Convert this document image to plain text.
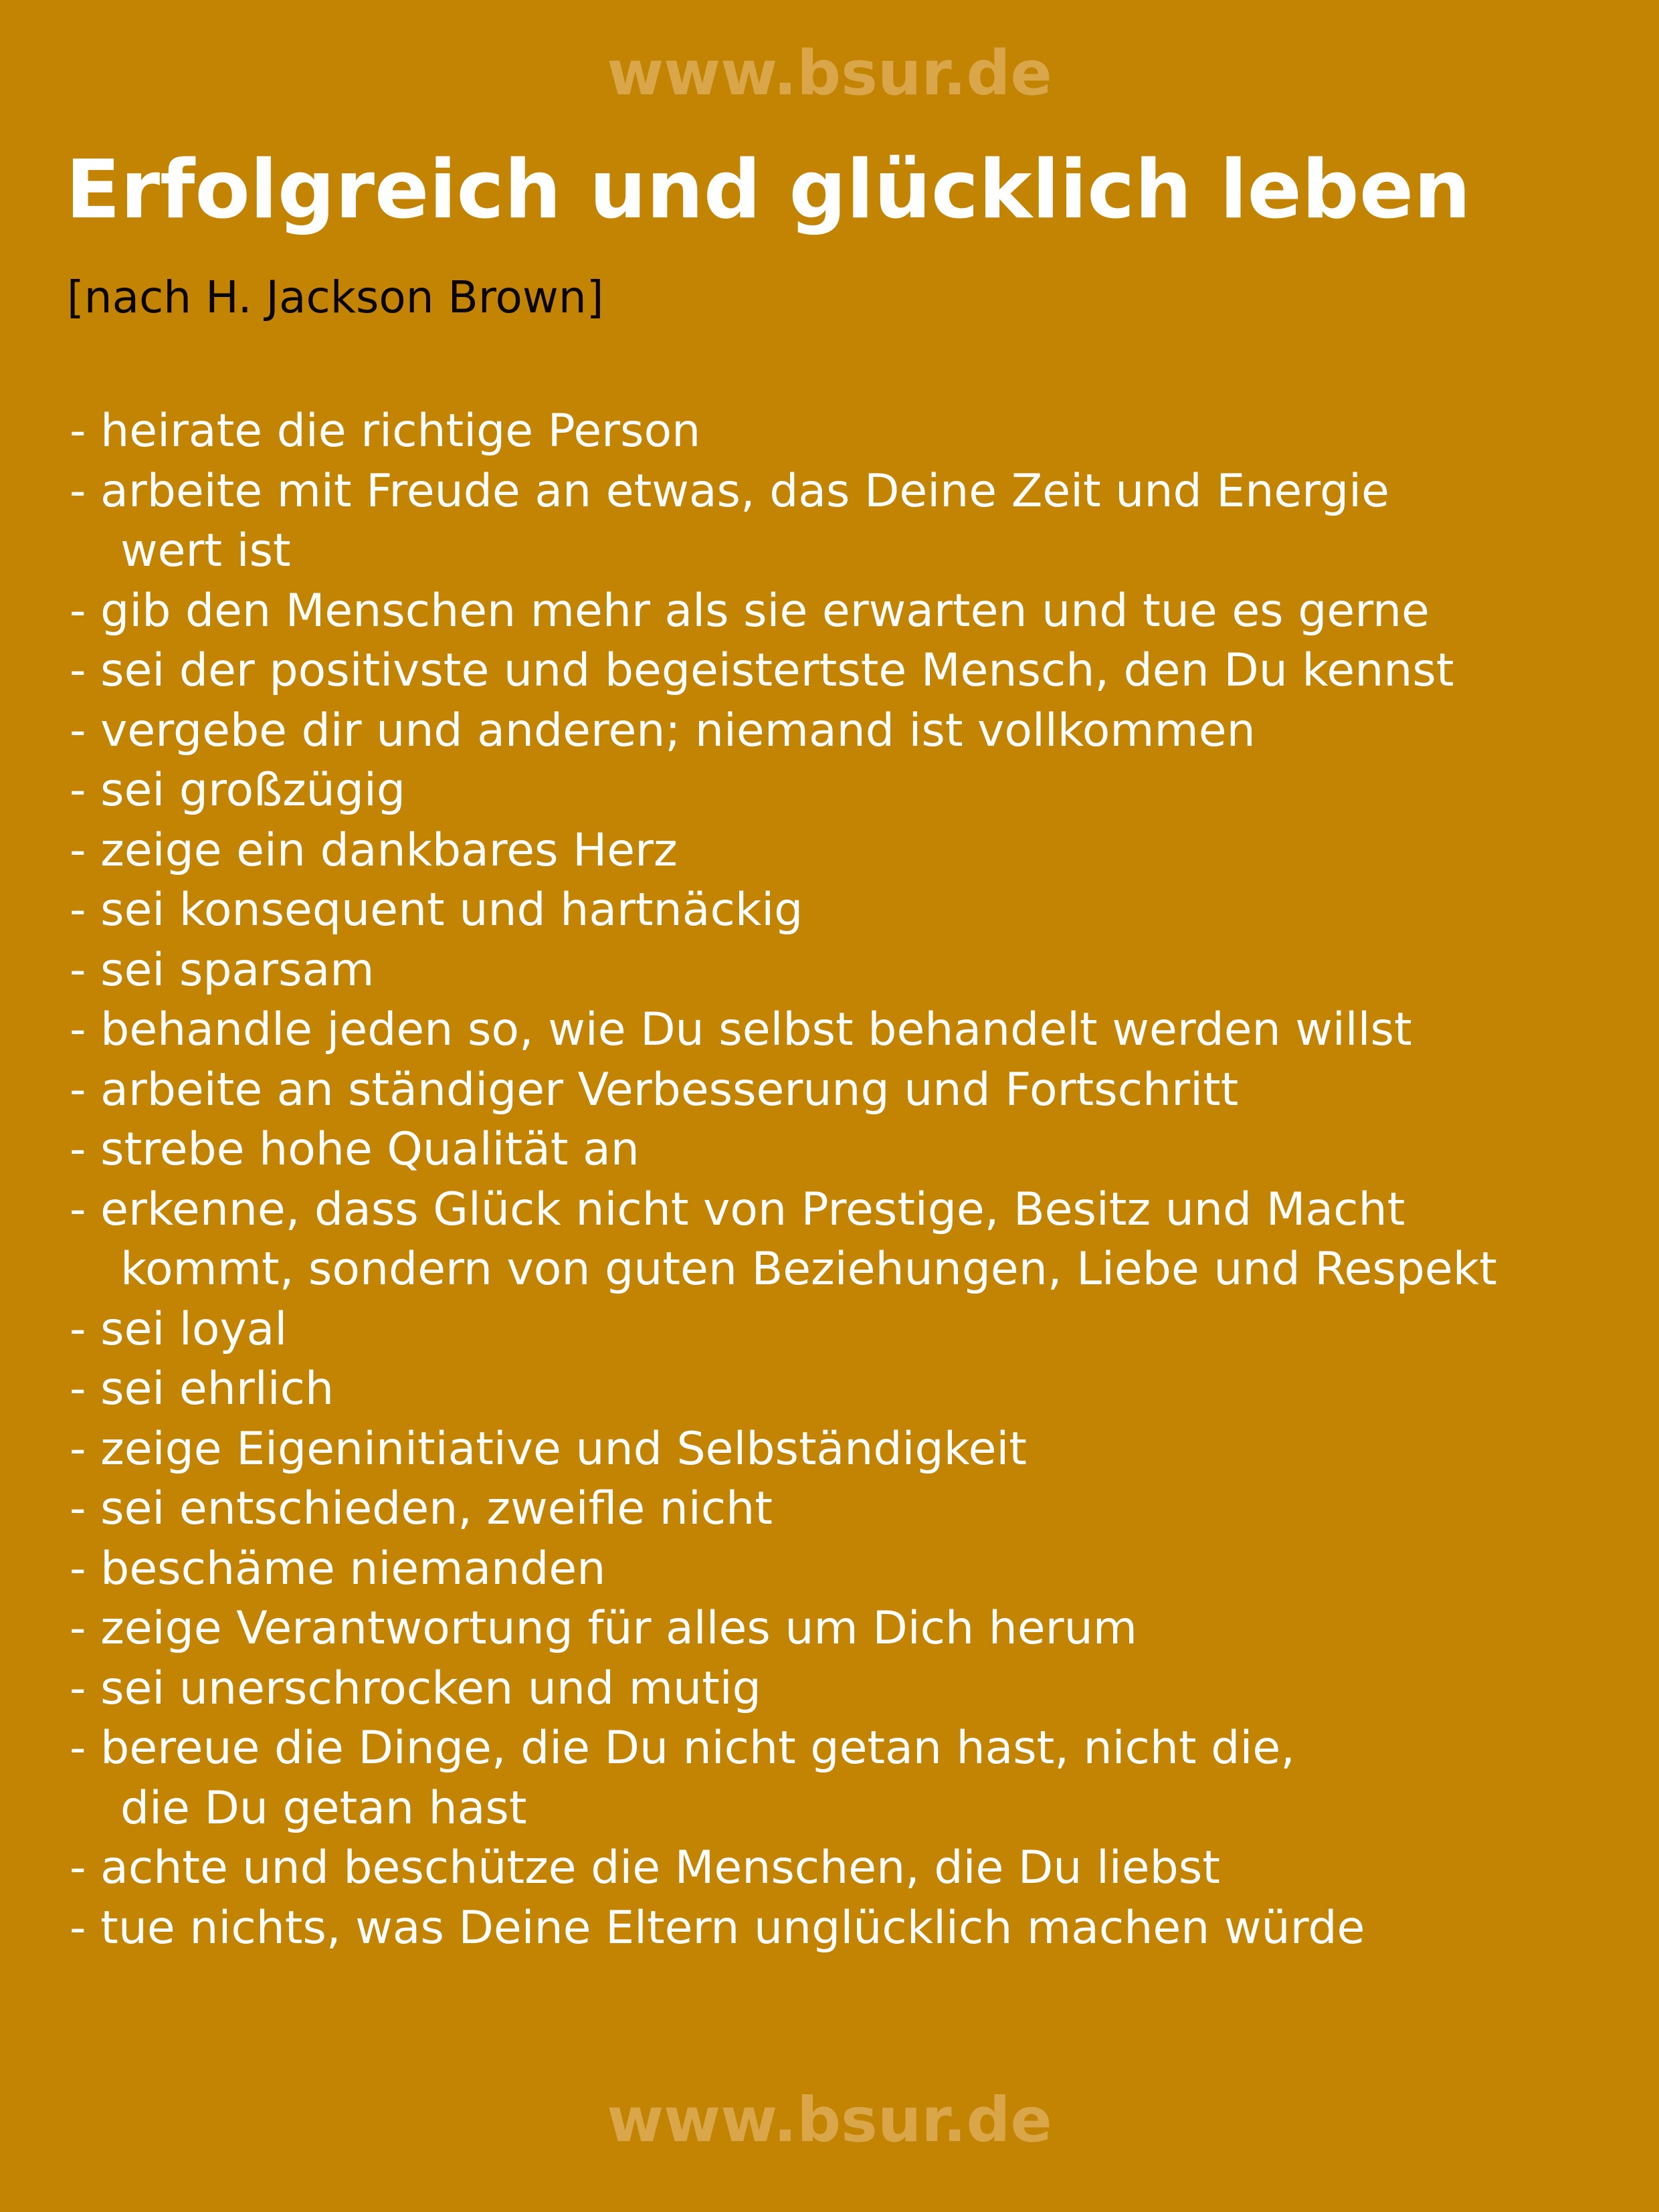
www.bsur.de

Erfolgreich und glücklich leben

[nach H. Jackson Brown]

- heirate die richtige Person
- arbeite mit Freude an etwas, das Deine Zeit und Energie
wert ist
- gib den Menschen mehr als sie erwarten und tue es gerne
- sei der positivste und begeistertste Mensch, den Du kennst
- vergebe dir und anderen; niemand ist vollkommen
- sei großzügig
- zeige ein dankbares Herz
- sei konsequent und hartnäckig
- sei sparsam
- behandle jeden so, wie Du selbst behandelt werden willst
- arbeite an ständiger Verbesserung und Fortschritt
- strebe hohe Qualität an
- erkenne, dass Glück nicht von Prestige, Besitz und Macht
kommt, sondern von guten Beziehungen, Liebe und Respekt
- sei loyal
- sei ehrlich
- zeige Eigeninitiative und Selbständigkeit
- sei entschieden, zweifle nicht
- beschäme niemanden
- zeige Verantwortung für alles um Dich herum
- sei unerschrocken und mutig
- bereue die Dinge, die Du nicht getan hast, nicht die,
die Du getan hast
- achte und beschütze die Menschen, die Du liebst
- tue nichts, was Deine Eltern unglücklich machen würde

www.bsur.de
